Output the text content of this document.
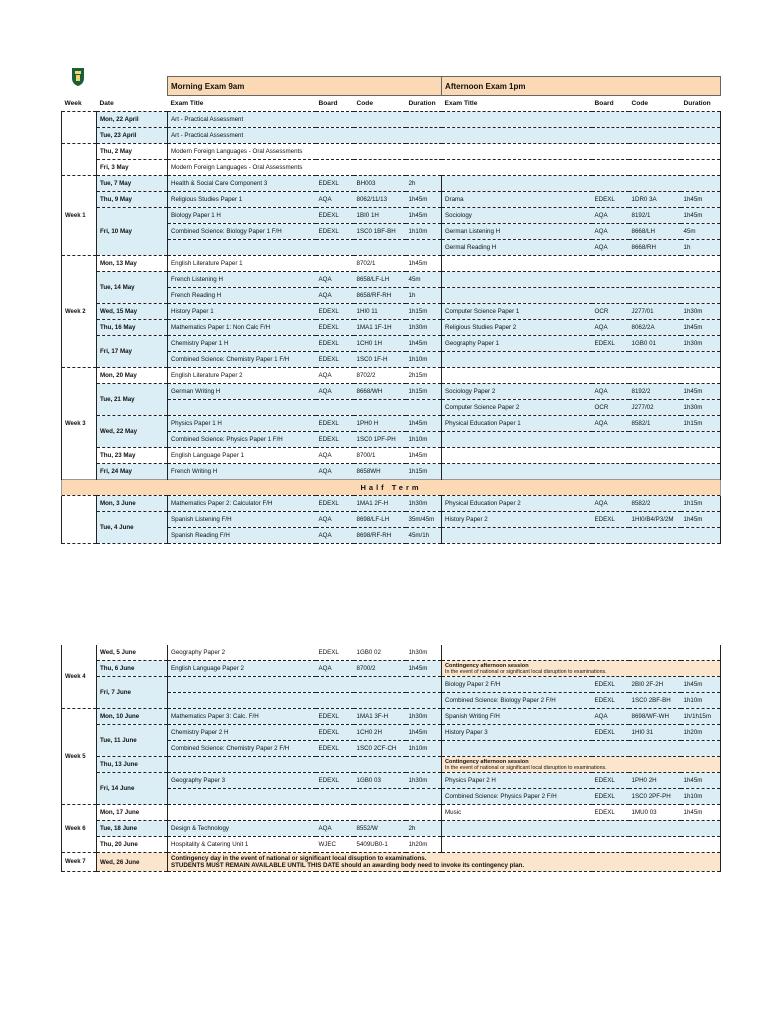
		Morning Exam 9am				Afternoon Exam 1pm			
Week	Date	Exam Title	Board	Code	Duration	Exam Title	Board	Code	Duration
	Mon, 22 April	Art - Practical Assessment							
	Tue, 23 April	Art - Practical Assessment							
	Thu, 2 May	Modern Foreign Languages - Oral Assessments							
	Fri, 3 May	Modern Foreign Languages - Oral Assessments							
Week 1	Tue, 7 May	Health & Social Care Component 3	EDEXL	BH003	2h				
	Thu, 9 May	Religious Studies Paper 1	AQA	8062/11/13	1h45m	Drama	EDEXL	1DR0 3A	1h45m
	Fri, 10 May	Biology Paper 1 H	EDEXL	1BI0 1H	1h45m	Sociology	AQA	8192/1	1h45m
		Combined Science: Biology Paper 1 F/H	EDEXL	1SC0 1BF-BH	1h10m	German Listening H	AQA	8668/LH	45m
						Germal Reading H	AQA	8668/RH	1h
Week 2	Mon, 13 May	English Literature Paper 1		8702/1	1h45m				
	Tue, 14 May	French Listening H	AQA	8658/LF-LH	45m				
		French Reading H	AQA	8658/RF-RH	1h				
	Wed, 15 May	History Paper 1	EDEXL	1HI0 11	1h15m	Computer Science Paper 1	OCR	J277/01	1h30m
	Thu, 16 May	Mathematics Paper 1: Non Calc F/H	EDEXL	1MA1 1F-1H	1h30m	Religious Studies Paper 2	AQA	8062/2A	1h45m
	Fri, 17 May	Chemistry Paper 1 H	EDEXL	1CH0 1H	1h45m	Geography Paper 1	EDEXL	1GB0 01	1h30m
		Combined Science: Chemistry Paper 1 F/H	EDEXL	1SC0 1F-H	1h10m				
Week 3	Mon, 20 May	English Literature Paper 2	AQA	8702/2	2h15m				
	Tue, 21 May	German Writing H	AQA	8668/WH	1h15m	Sociology Paper 2	AQA	8192/2	1h45m
						Computer Science Paper 2	OCR	J277/02	1h30m
	Wed, 22 May	Physics Paper 1 H	EDEXL	1PH0 H	1h45m	Physical Education Paper 1	AQA	8582/1	1h15m
		Combined Science: Physics Paper 1 F/H	EDEXL	1SC0 1PF-PH	1h10m				
	Thu, 23 May	English Language Paper 1	AQA	8700/1	1h45m				
	Fri, 24 May	French Writing H	AQA	8658WH	1h15m				
Half Term									
	Mon, 3 June	Mathematics Paper 2: Calculator F/H	EDEXL	1MA1 2F-H	1h30m	Physical Education Paper 2	AQA	8582/2	1h15m
	Tue, 4 June	Spanish Listening F/H	AQA	8698/LF-LH	35m/45m	History Paper 2	EDEXL	1HI0/B4/P3/2M	1h45m
		Spanish Reading F/H	AQA	8698/RF-RH	45m/1h				
Week 4	Wed, 5 June	Geography Paper 2	EDEXL	1GB0 02	1h30m				
	Thu, 6 June	English Language Paper 2	AQA	8700/2	1h45m	Contingency afternoon session
In the event of national or significant local disruption to examinations.			
	Fri, 7 June					Biology Paper 2 F/H	EDEXL	2BI0 2F-2H	1h45m
						Combined Science: Biology Paper 2 F/H	EDEXL	1SC0 2BF-BH	1h10m
Week 5	Mon, 10 June	Mathematics Paper 3: Calc. F/H	EDEXL	1MA1 3F-H	1h30m	Spanish Writing F/H	AQA	8698/WF-WH	1h/1h15m
	Tue, 11 June	Chemistry Paper 2 H	EDEXL	1CH0 2H	1h45m	History Paper 3	EDEXL	1HI0 31	1h20m
		Combined Science: Chemistry Paper 2 F/H	EDEXL	1SC0 2CF-CH	1h10m				
	Thu, 13 June					Contingency afternoon session
In the event of national or significant local disruption to examinations.			
	Fri, 14 June	Geography Paper 3	EDEXL	1GB0 03	1h30m	Physics Paper 2 H	EDEXL	1PH0 2H	1h45m
						Combined Science: Physics Paper 2 F/H	EDEXL	1SC0 2PF-PH	1h10m
Week 6	Mon, 17 June					Music	EDEXL	1MU0 03	1h45m
	Tue, 18 June	Design & Technology	AQA	8552/W	2h				
	Thu, 20 June	Hospitality & Catering Unit 1	WJEC	5409UB0-1	1h20m				
Week 7	Wed, 26 June	Contingency day in the event of national or significant local disuption to examinations.
STUDENTS MUST REMAIN AVAILABLE UNTIL THIS DATE should an awarding body need to invoke its contingency plan.							
